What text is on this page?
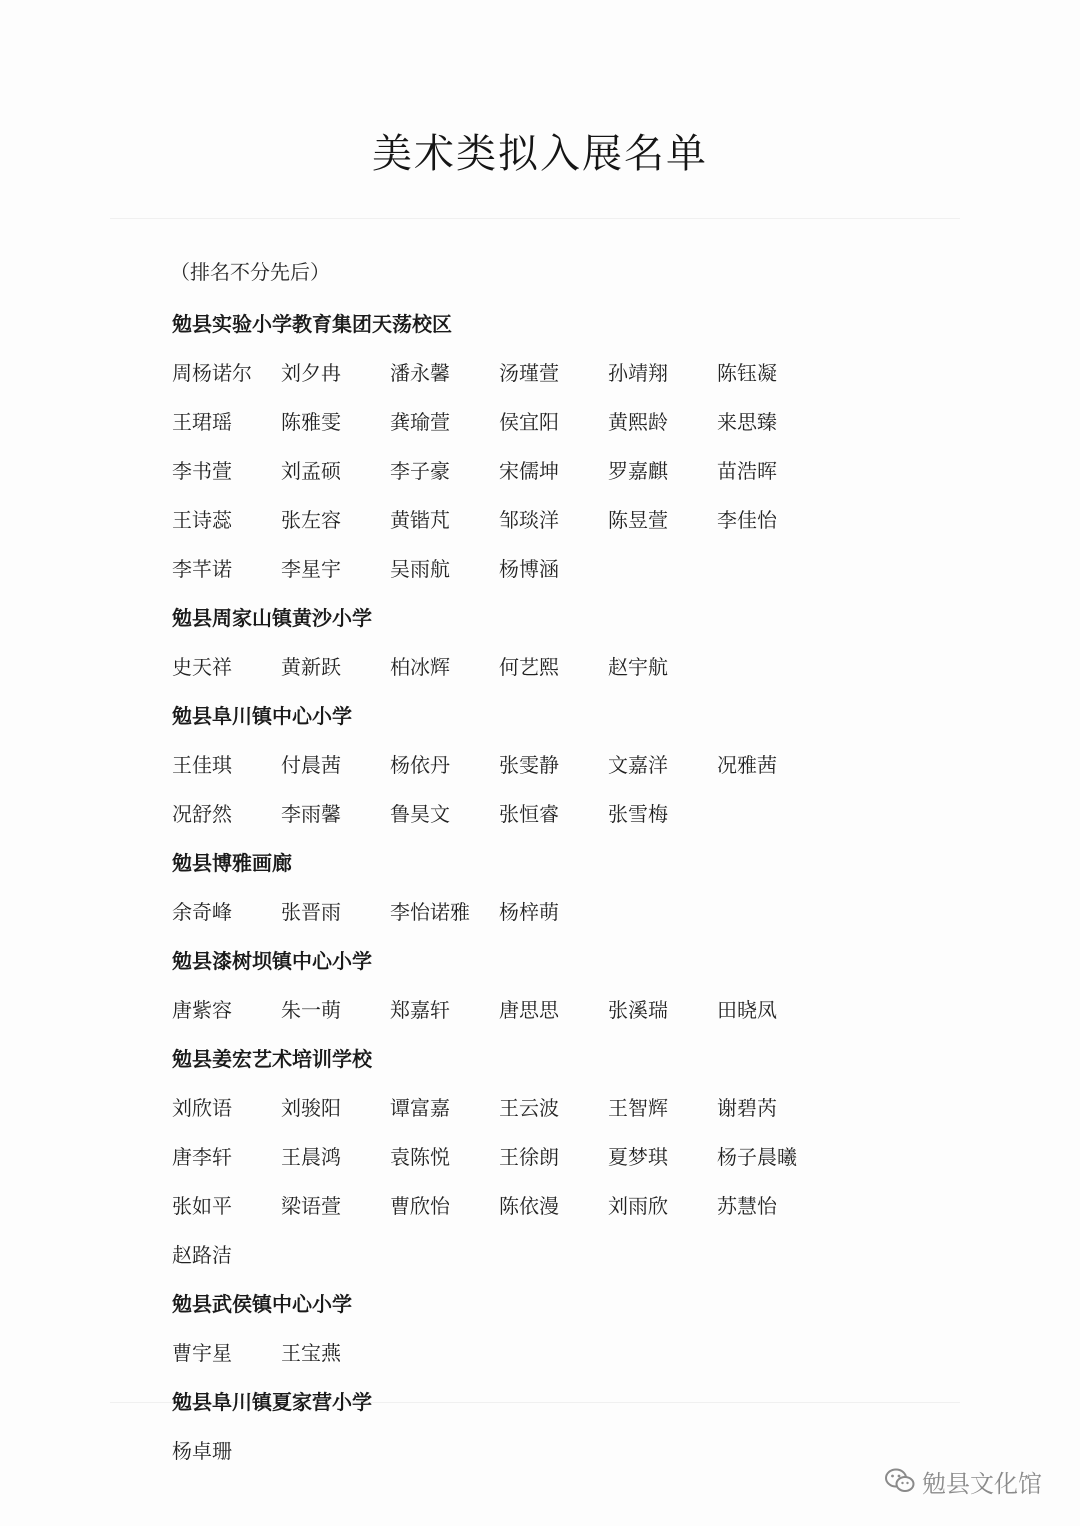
美术类拟入展名单
（排名不分先后）
勉县实验小学教育集团天荡校区
周杨诺尔	刘夕冉	潘永馨	汤瑾萱	孙靖翔	陈钰凝
王珺瑶	陈雅雯	龚瑜萱	侯宜阳	黄熙龄	来思臻
李书萱	刘孟硕	李子豪	宋儒坤	罗嘉麒	苗浩晖
王诗蕊	张左容	黄锴芃	邹琰洋	陈昱萱	李佳怡
李芊诺	李星宇	吴雨航	杨博涵
勉县周家山镇黄沙小学
史天祥	黄新跃	柏冰辉	何艺熙	赵宇航
勉县阜川镇中心小学
王佳琪	付晨茜	杨依丹	张雯静	文嘉洋	况雅茜
况舒然	李雨馨	鲁昊文	张恒睿	张雪梅
勉县博雅画廊
余奇峰	张晋雨	李怡诺雅	杨梓萌
勉县漆树坝镇中心小学
唐紫容	朱一萌	郑嘉轩	唐思思	张溪瑞	田晓凤
勉县姜宏艺术培训学校
刘欣语	刘骏阳	谭富嘉	王云波	王智辉	谢碧芮
唐李轩	王晨鸿	袁陈悦	王徐朗	夏梦琪	杨子晨曦
张如平	梁语萱	曹欣怡	陈依漫	刘雨欣	苏慧怡
赵路洁
勉县武侯镇中心小学
曹宇星	王宝燕
勉县阜川镇夏家营小学
杨卓珊
勉县文化馆
